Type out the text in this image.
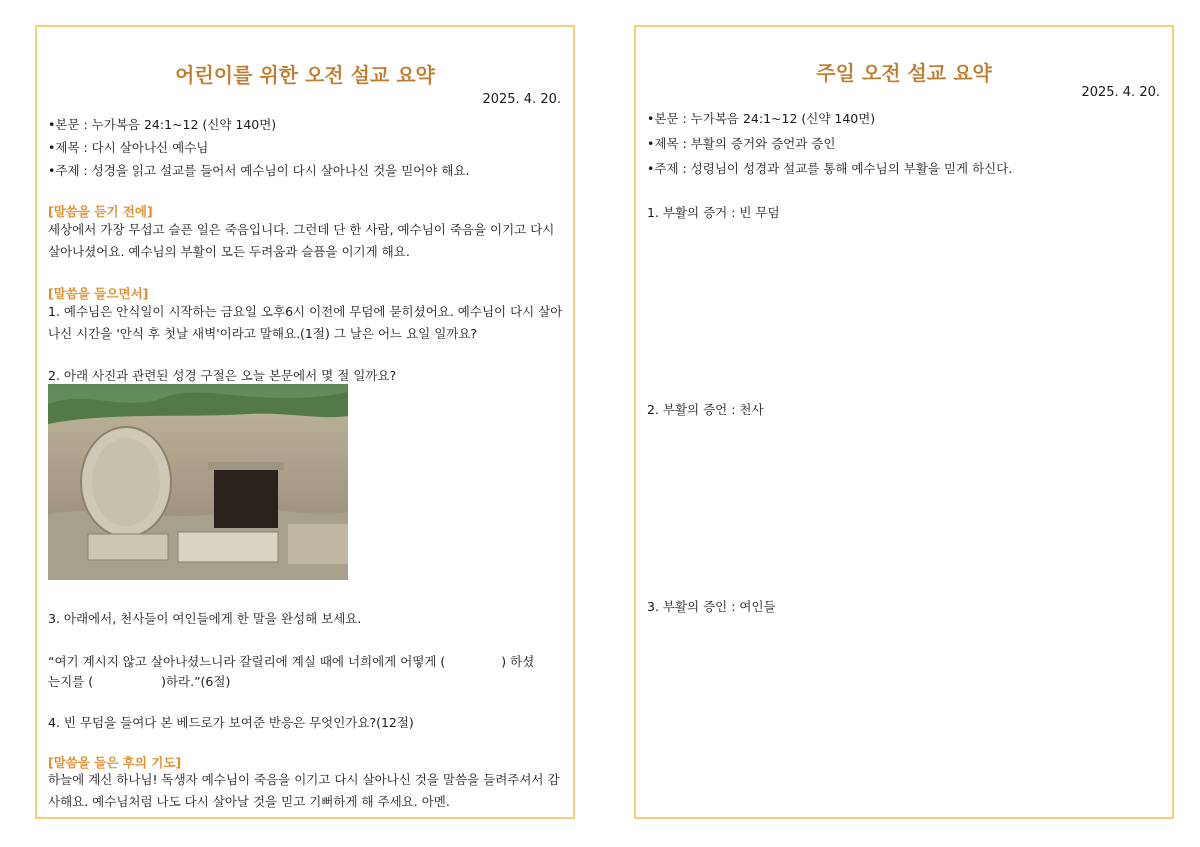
어린이를 위한 오전 설교 요약
2025. 4. 20.
•본문 : 누가복음 24:1~12 (신약 140면)
•제목 : 다시 살아나신 예수님
•주제 : 성경을 읽고 설교를 들어서 예수님이 다시 살아나신 것을 믿어야 해요.
[말씀을 듣기 전에]
세상에서 가장 무섭고 슬픈 일은 죽음입니다. 그런데 단 한 사람, 예수님이 죽음을 이기고 다시 살아나셨어요. 예수님의 부활이 모든 두려움과 슬픔을 이기게 해요.
[말씀을 들으면서]
1. 예수님은 안식일이 시작하는 금요일 오후6시 이전에 무덤에 묻히셨어요. 예수님이 다시 살아나신 시간을 '안식 후 첫날 새벽'이라고 말해요.(1절) 그 날은 어느 요일 일까요?
2. 아래 사진과 관련된 성경 구절은 오늘 본문에서 몇 절 일까요?
3. 아래에서, 천사들이 여인들에게 한 말을 완성해 보세요.
“여기 계시지 않고 살아나셨느니라 갈릴리에 계실 때에 너희에게 어떻게 (	) 하셨
는지를 (	)하라.”(6절)
4. 빈 무덤을 들여다 본 베드로가 보여준 반응은 무엇인가요?(12절)
[말씀을 들은 후의 기도]
하늘에 계신 하나님! 독생자 예수님이 죽음을 이기고 다시 살아나신 것을 말씀을 들려주셔서 감사해요. 예수님처럼 나도 다시 살아날 것을 믿고 기뻐하게 해 주세요. 아멘.
주일 오전 설교 요약
2025. 4. 20.
•본문 : 누가복음 24:1~12 (신약 140면)
•제목 : 부활의 증거와 증언과 증인
•주제 : 성령님이 성경과 설교를 통해 예수님의 부활을 믿게 하신다.
1. 부활의 증거 : 빈 무덤
2. 부활의 증언 : 천사
3. 부활의 증인 : 여인들
